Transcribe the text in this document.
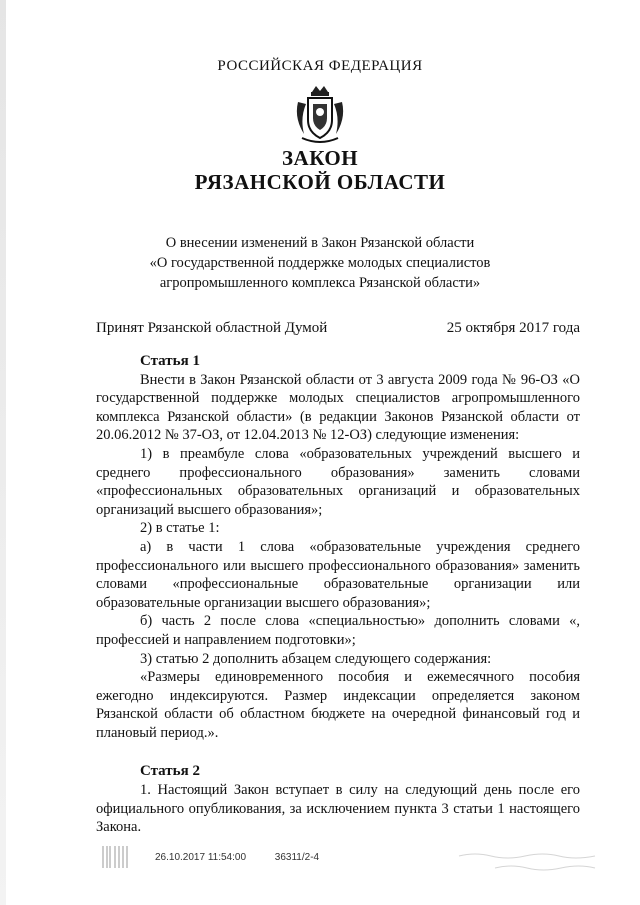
РОССИЙСКАЯ ФЕДЕРАЦИЯ
ЗАКОН
РЯЗАНСКОЙ ОБЛАСТИ
О внесении изменений в Закон Рязанской области
«О государственной поддержке молодых специалистов
агропромышленного комплекса Рязанской области»
Принят Рязанской областной Думой	25 октября 2017 года
Статья 1

Внести в Закон Рязанской области от 3 августа 2009 года № 96-ОЗ «О государственной поддержке молодых специалистов агропромышленного комплекса Рязанской области» (в редакции Законов Рязанской области от 20.06.2012 № 37-ОЗ, от 12.04.2013 № 12-ОЗ) следующие изменения:

1) в преамбуле слова «образовательных учреждений высшего и среднего профессионального образования» заменить словами «профессиональных образовательных организаций и образовательных организаций высшего образования»;

2) в статье 1:

а) в части 1 слова «образовательные учреждения среднего профессионального или высшего профессионального образования» заменить словами «профессиональные образовательные организации или образовательные организации высшего образования»;

б) часть 2 после слова «специальностью» дополнить словами «, профессией и направлением подготовки»;

3) статью 2 дополнить абзацем следующего содержания:

«Размеры единовременного пособия и ежемесячного пособия ежегодно индексируются. Размер индексации определяется законом Рязанской области об областном бюджете на очередной финансовый год и плановый период.».

Статья 2

1. Настоящий Закон вступает в силу на следующий день после его официального опубликования, за исключением пункта 3 статьи 1 настоящего Закона.

26.10.2017 11:54:00	36311/2-4
